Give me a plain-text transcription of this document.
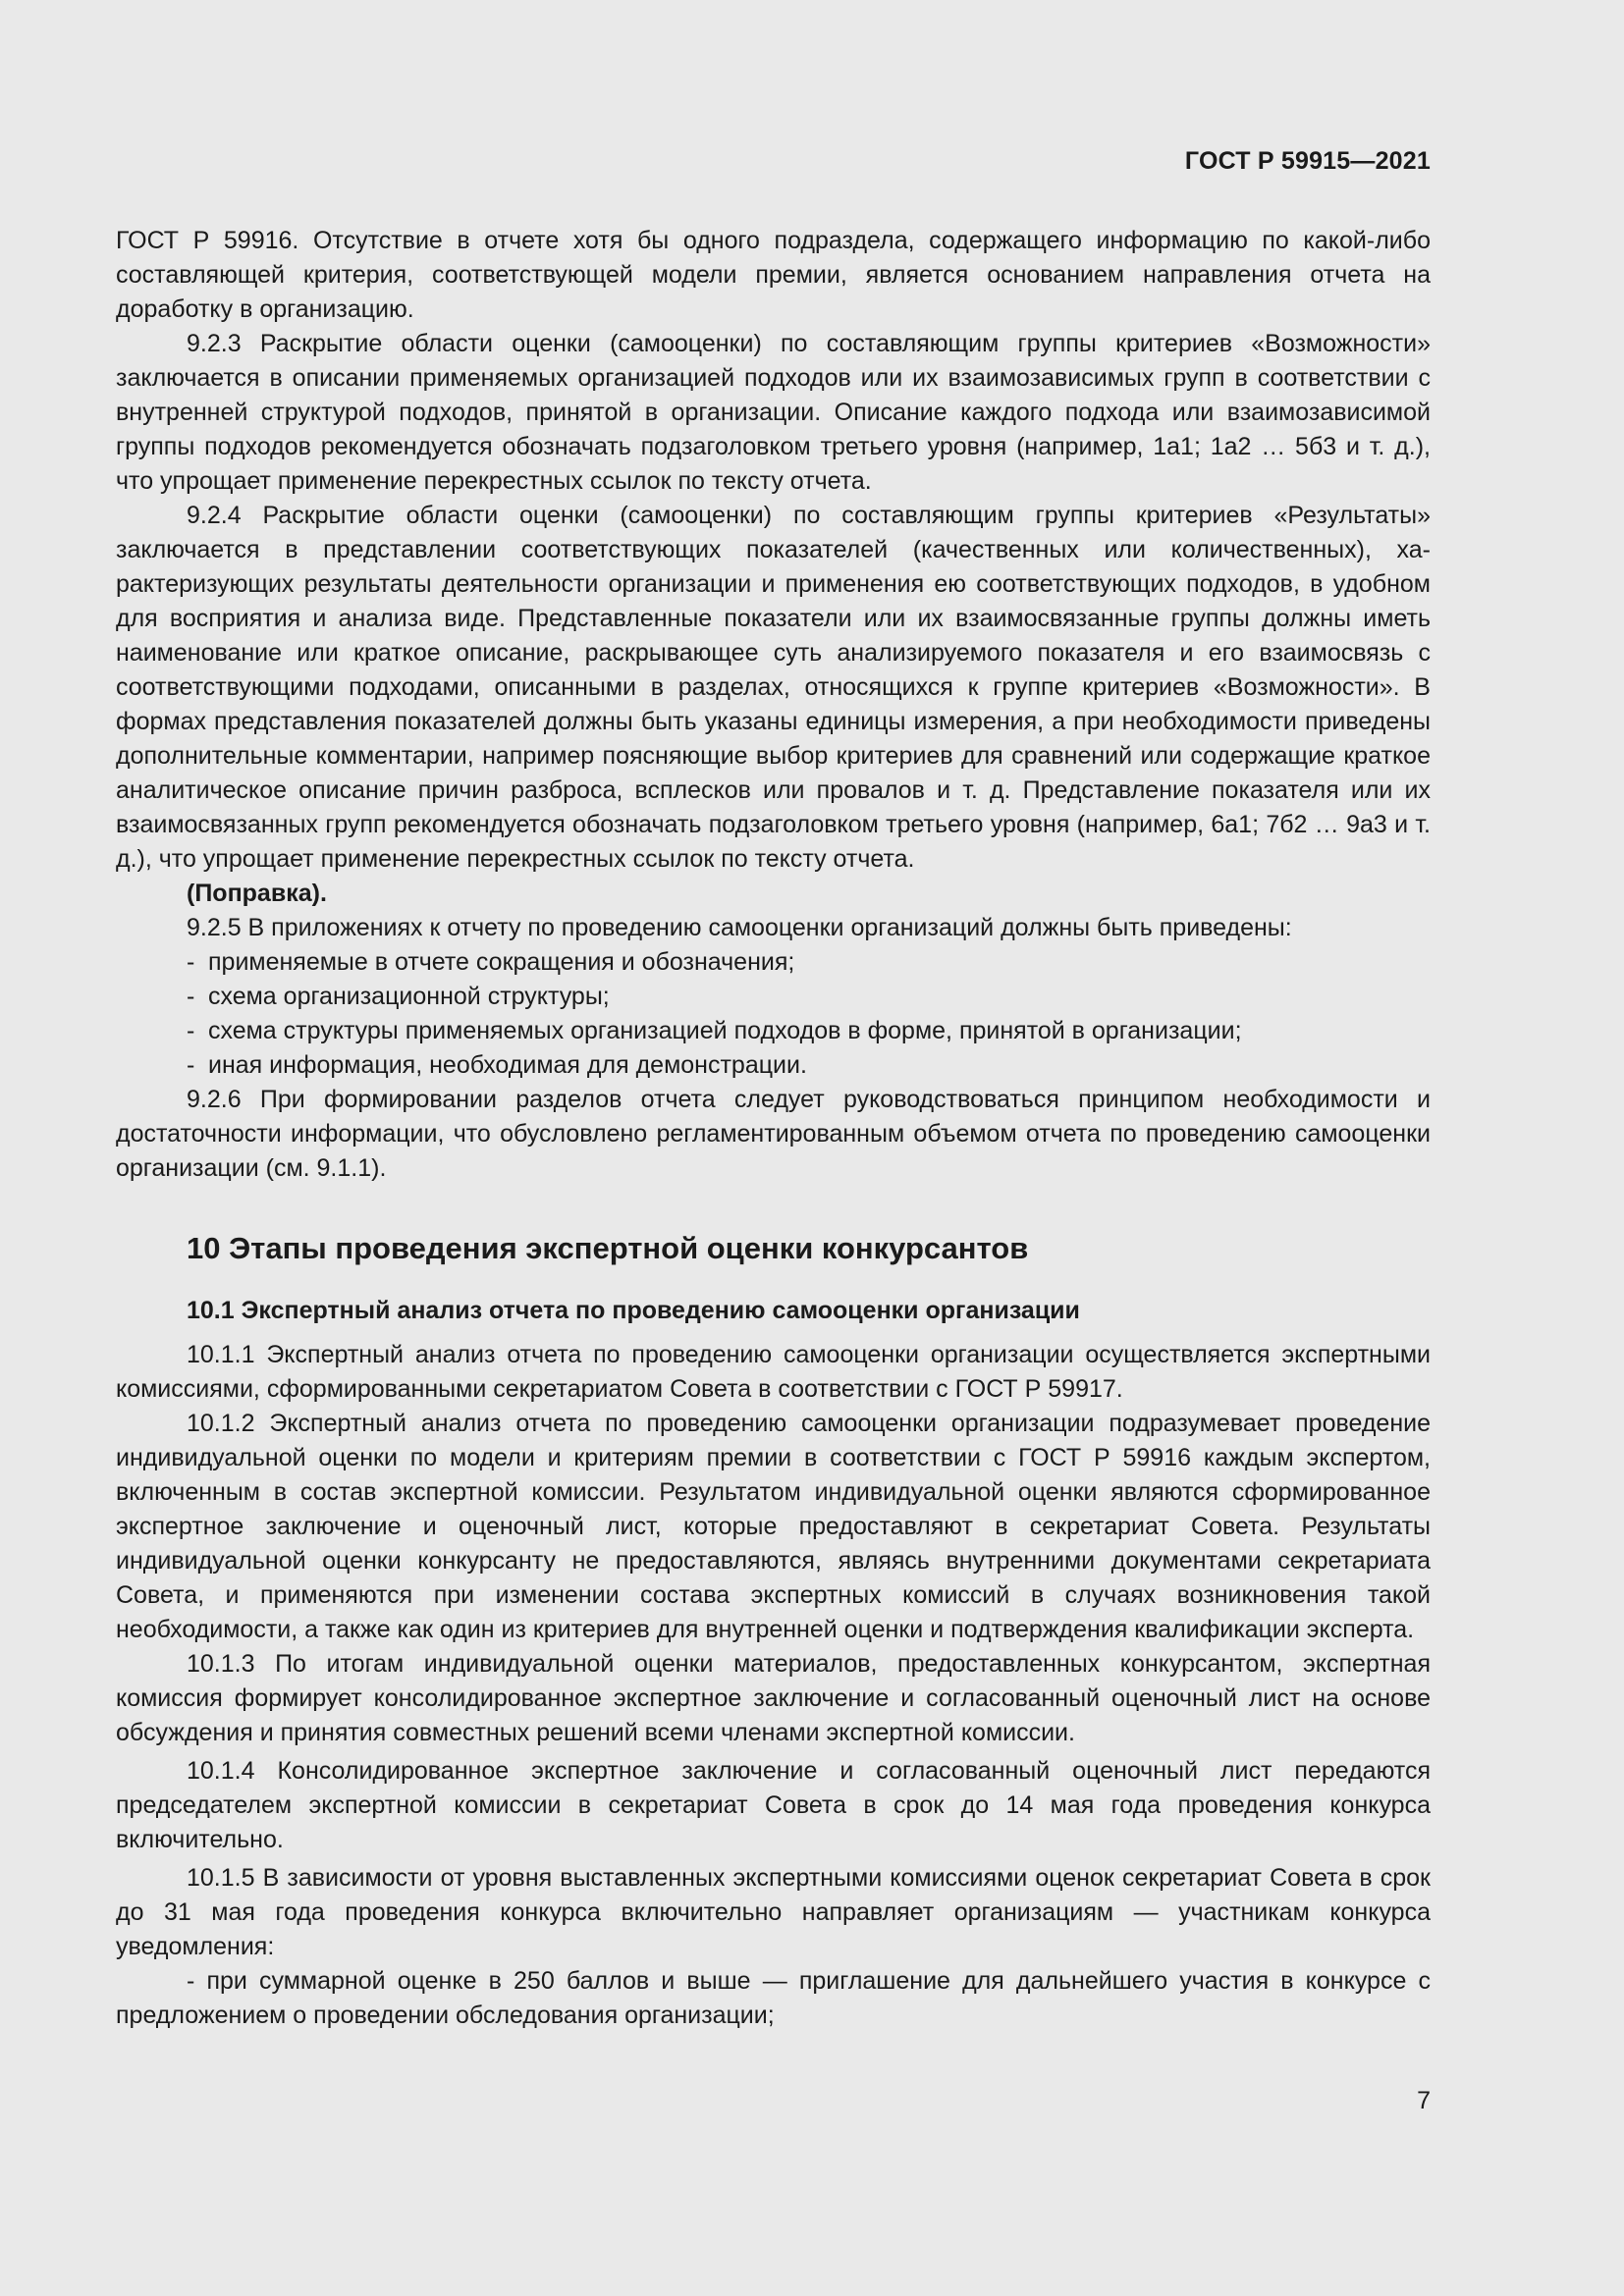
ГОСТ Р 59915—2021

ГОСТ Р 59916. Отсутствие в отчете хотя бы одного подраздела, содержащего информацию по какой-либо составляющей критерия, соответствующей модели премии, является основанием направления отчета на доработку в организацию.

9.2.3 Раскрытие области оценки (самооценки) по составляющим группы критериев «Возможности» заключается в описании применяемых организацией подходов или их взаимозависимых групп в соответствии с внутренней структурой подходов, принятой в организации. Описание каждого подхода или взаимозависимой группы подходов рекомендуется обозначать подзаголовком третьего уровня (например, 1а1; 1а2 … 5б3 и т. д.), что упрощает применение перекрестных ссылок по тексту отчета.

9.2.4 Раскрытие области оценки (самооценки) по составляющим группы критериев «Результаты» заключается в представлении соответствующих показателей (качественных или количественных), характеризующих результаты деятельности организации и применения ею соответствующих подходов, в удобном для восприятия и анализа виде. Представленные показатели или их взаимосвязанные группы должны иметь наименование или краткое описание, раскрывающее суть анализируемого показателя и его взаимосвязь с соответствующими подходами, описанными в разделах, относящихся к группе критериев «Возможности». В формах представления показателей должны быть указаны единицы измерения, а при необходимости приведены дополнительные комментарии, например поясняющие выбор критериев для сравнений или содержащие краткое аналитическое описание причин разброса, всплесков или провалов и т. д. Представление показателя или их взаимосвязанных групп рекомендуется обозначать подзаголовком третьего уровня (например, 6а1; 7б2 … 9а3 и т. д.), что упрощает применение перекрестных ссылок по тексту отчета.

(Поправка).

9.2.5 В приложениях к отчету по проведению самооценки организаций должны быть приведены:

- применяемые в отчете сокращения и обозначения;

- схема организационной структуры;

- схема структуры применяемых организацией подходов в форме, принятой в организации;

- иная информация, необходимая для демонстрации.

9.2.6 При формировании разделов отчета следует руководствоваться принципом необходимости и достаточности информации, что обусловлено регламентированным объемом отчета по проведению самооценки организации (см. 9.1.1).

10 Этапы проведения экспертной оценки конкурсантов
10.1 Экспертный анализ отчета по проведению самооценки организации

10.1.1 Экспертный анализ отчета по проведению самооценки организации осуществляется экспертными комиссиями, сформированными секретариатом Совета в соответствии с ГОСТ Р 59917.

10.1.2 Экспертный анализ отчета по проведению самооценки организации подразумевает проведение индивидуальной оценки по модели и критериям премии в соответствии с ГОСТ Р 59916 каждым экспертом, включенным в состав экспертной комиссии. Результатом индивидуальной оценки являются сформированное экспертное заключение и оценочный лист, которые предоставляют в секретариат Совета. Результаты индивидуальной оценки конкурсанту не предоставляются, являясь внутренними документами секретариата Совета, и применяются при изменении состава экспертных комиссий в случаях возникновения такой необходимости, а также как один из критериев для внутренней оценки и подтверждения квалификации эксперта.

10.1.3 По итогам индивидуальной оценки материалов, предоставленных конкурсантом, экспертная комиссия формирует консолидированное экспертное заключение и согласованный оценочный лист на основе обсуждения и принятия совместных решений всеми членами экспертной комиссии.

10.1.4 Консолидированное экспертное заключение и согласованный оценочный лист передаются председателем экспертной комиссии в секретариат Совета в срок до 14 мая года проведения конкурса включительно.

10.1.5 В зависимости от уровня выставленных экспертными комиссиями оценок секретариат Совета в срок до 31 мая года проведения конкурса включительно направляет организациям — участникам конкурса уведомления:

- при суммарной оценке в 250 баллов и выше — приглашение для дальнейшего участия в конкурсе с предложением о проведении обследования организации;

7
